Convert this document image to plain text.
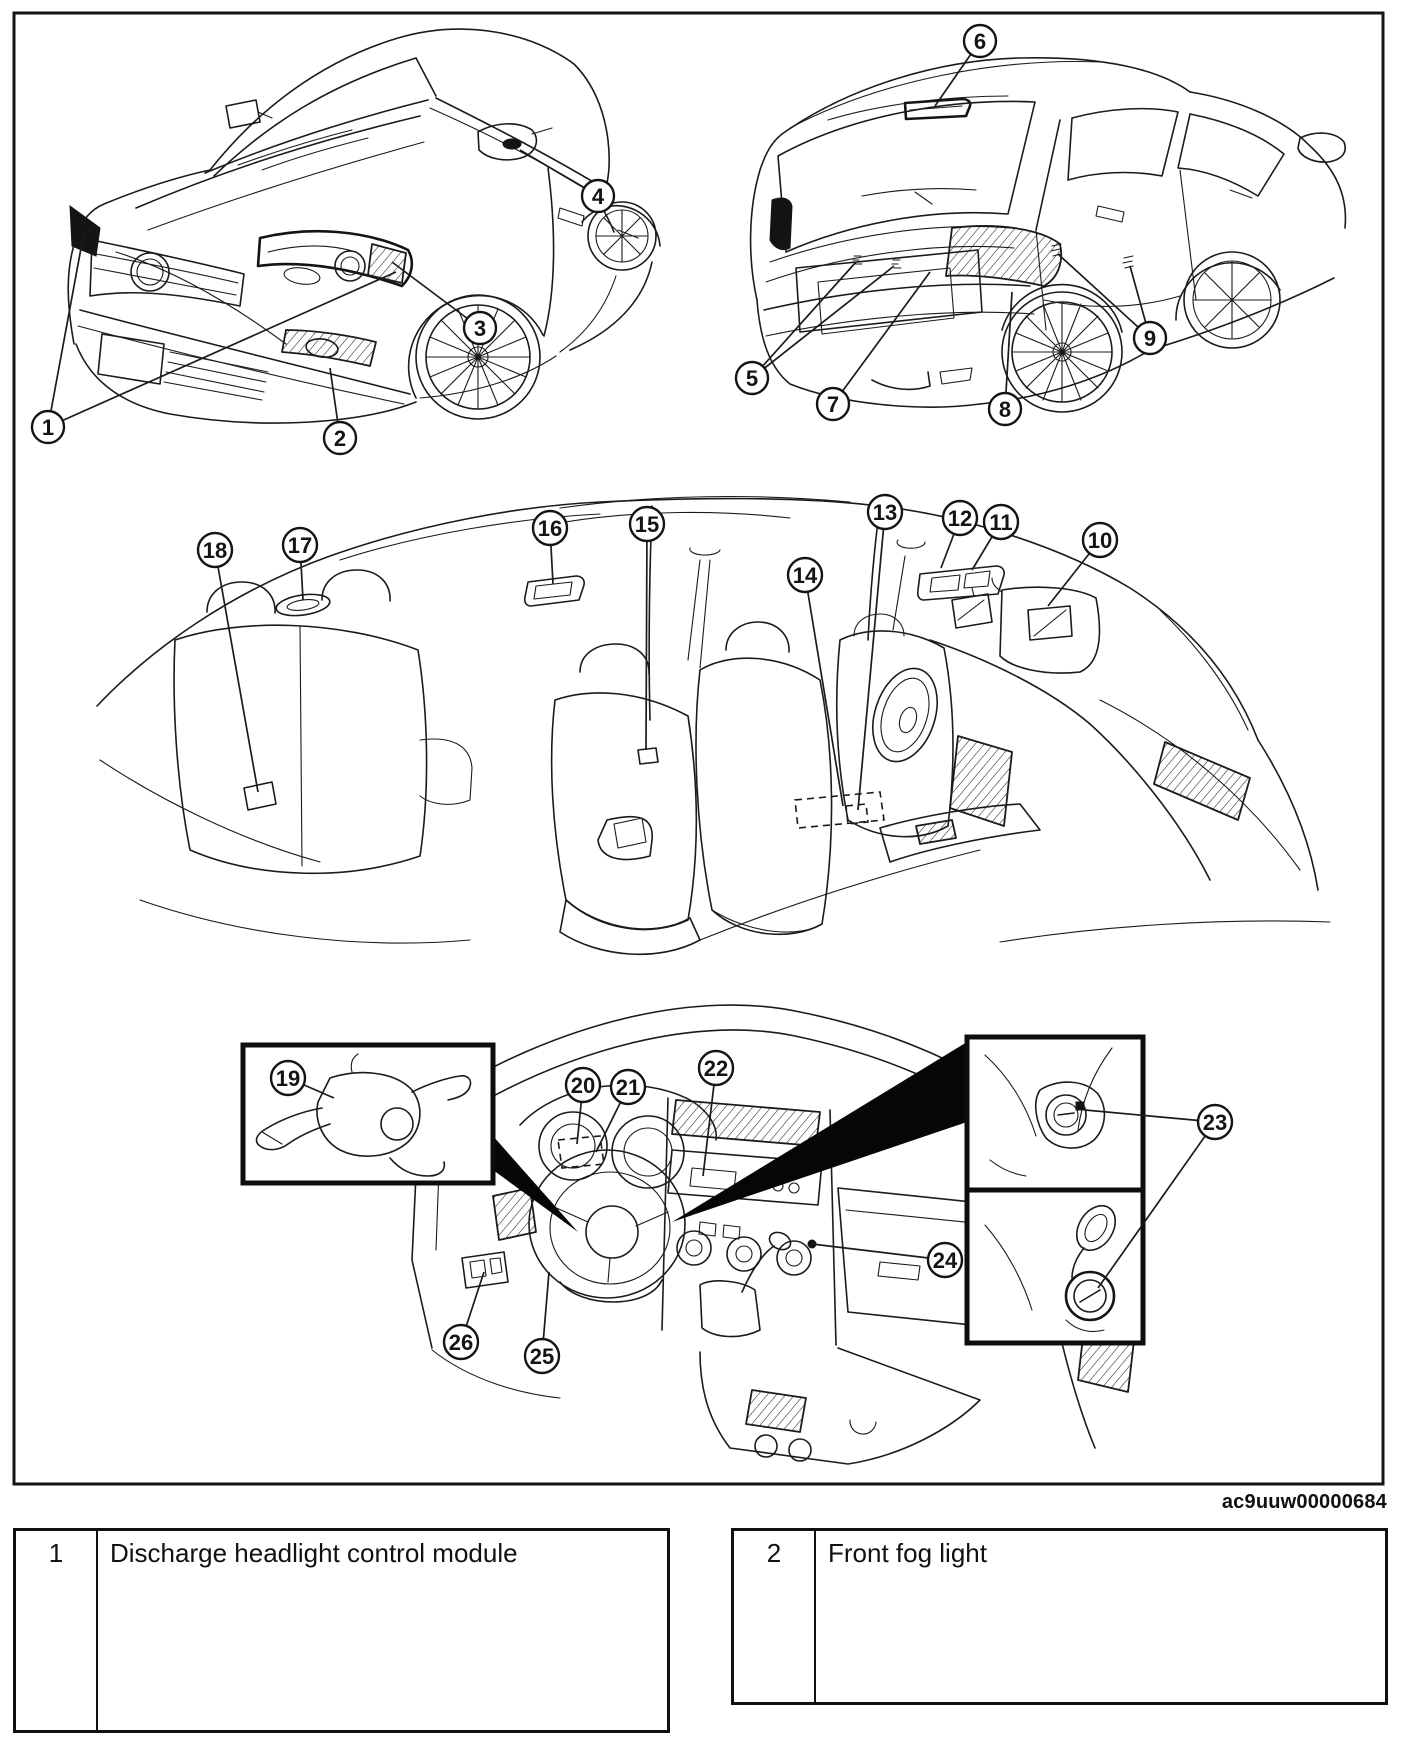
1	2
3
4
5
6
7	8
9
10
11
12
13
14
15
16
17
18
19	20 21
22
23
24
25
26
ac9uuw00000684
1	Discharge headlight control module	2	Front fog light
